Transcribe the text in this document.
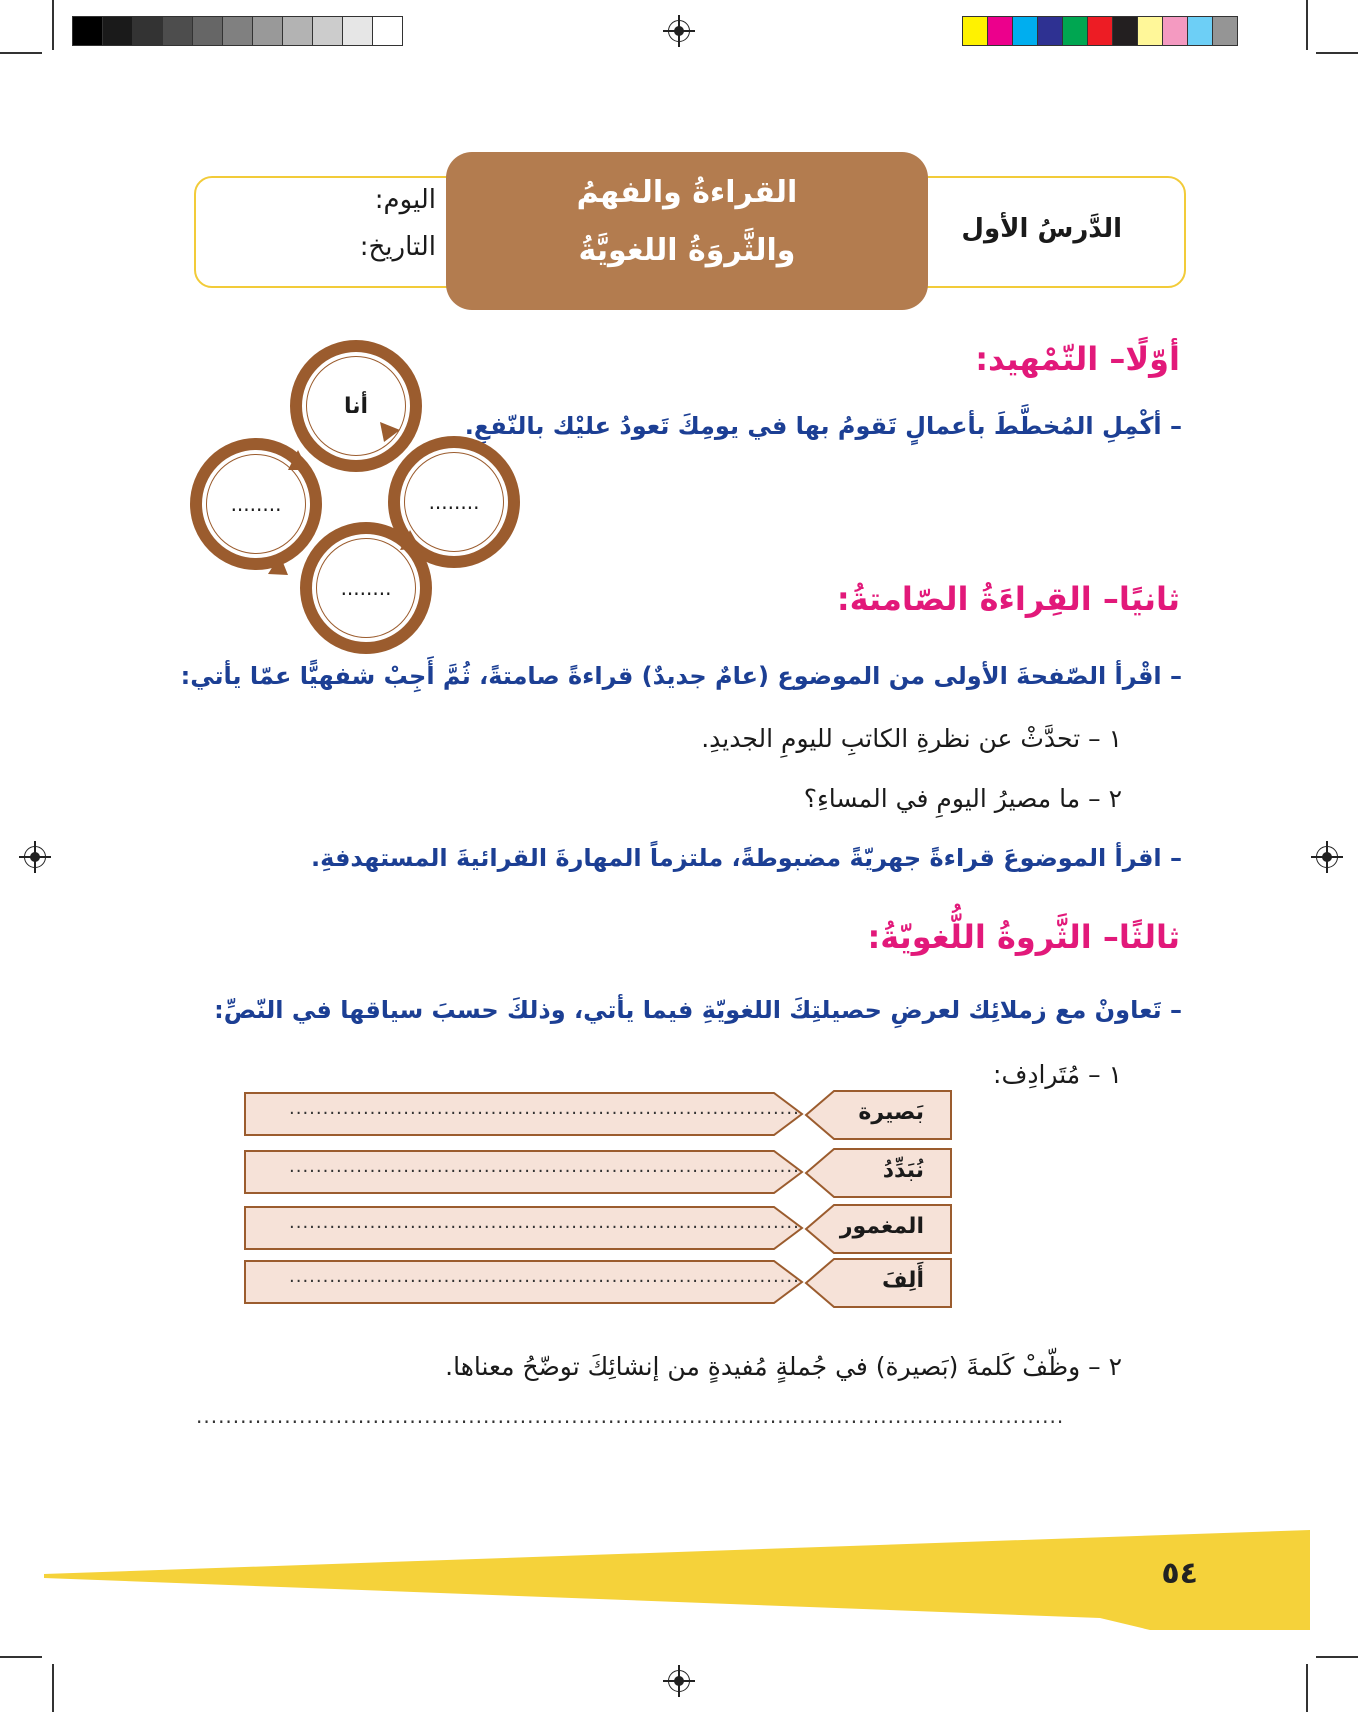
القراءةُ والفهمُ
والثَّروَةُ اللغويَّةُ
الدَّرسُ الأول
اليوم:
التاريخ:
أوّلًا– التّمْهيد:
– أكْمِلِ المُخطَّطَ بأعمالٍ تَقومُ بها في يومِكَ تَعودُ عليْك بالنّفعِ.
أنا
........
........
........
ثانيًا– القِراءَةُ الصّامتةُ:
– اقْرأ الصّفحةَ الأولى من الموضوع (عامٌ جديدٌ) قراءةً صامتةً، ثُمَّ أَجِبْ شفهيًّا عمّا يأتي:
١ – تحدَّثْ عن نظرةِ الكاتبِ لليومِ الجديدِ.
٢ – ما مصيرُ اليومِ في المساءِ؟
– اقرأ الموضوعَ قراءةً جهريّةً مضبوطةً، ملتزماً المهارةَ القرائيةَ المستهدفةِ.
ثالثًا– الثَّروةُ اللُّغويّةُ:
– تَعاونْ مع زملائِك لعرضِ حصيلتِكَ اللغويّةِ فيما يأتي، وذلكَ حسبَ سياقها في النّصِّ:
١ – مُتَرادِف:
............................................................................	بَصيرة
............................................................................	نُبَدِّدُ
............................................................................ المغمور
............................................................................	أَلِفَ
٢ – وظّفْ كَلمةَ (بَصيرة) في جُملةٍ مُفيدةٍ من إنشائِكَ توضّحُ معناها.
......................................................................................................................
٥٤
